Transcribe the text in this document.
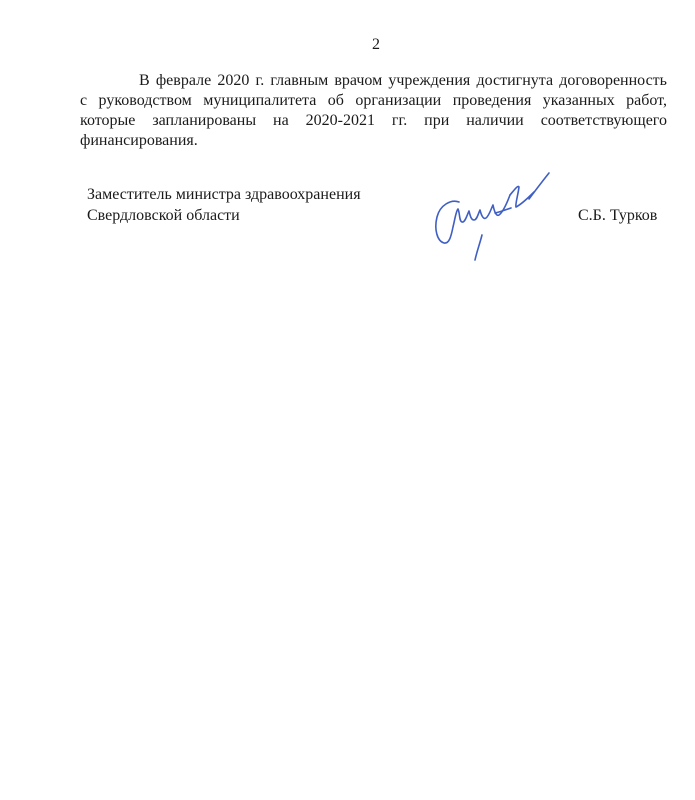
2
В феврале 2020 г. главным врачом учреждения достигнута договоренность
с руководством муниципалитета об организации проведения указанных работ,
которые запланированы на 2020-2021 гг. при наличии соответствующего
финансирования.
Заместитель министра здравоохранения
Свердловской области	С.Б. Турков
